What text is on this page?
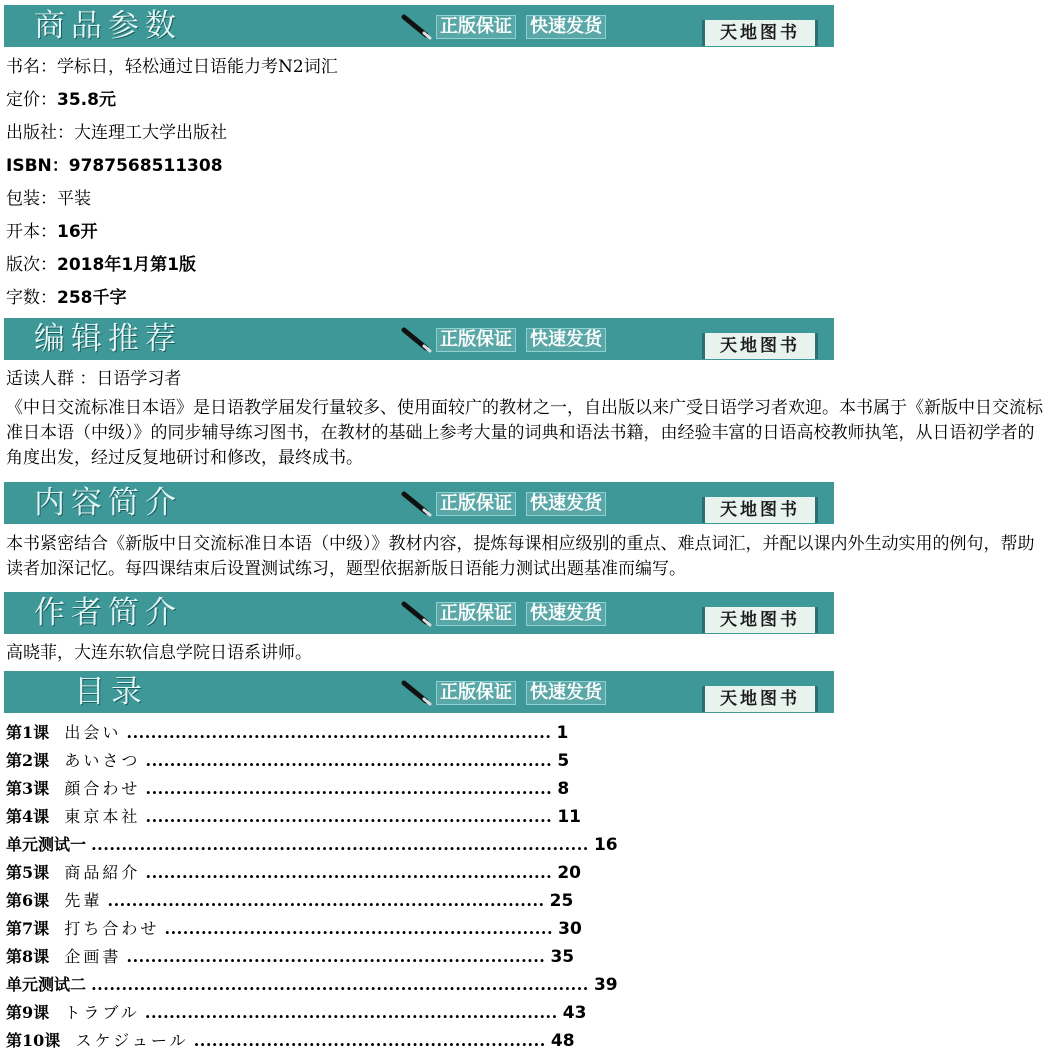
商品参数	正版保证 快速发货	天地图书
编辑推荐	正版保证 快速发货	天地图书
内容简介	正版保证 快速发货	天地图书
作者简介	正版保证 快速发货	天地图书
目录	正版保证 快速发货	天地图书
书名：学标日，轻松通过日语能力考N2词汇
定价：35.8元
出版社：大连理工大学出版社
ISBN：9787568511308
包装：平装
开本：16开
版次：2018年1月第1版
字数：258千字
适读人群 ：日语学习者
《中日交流标准日本语》是日语教学届发行量较多、使用面较广的教材之一，自出版以来广受日语学习者欢迎。本书属于《新版中日交流标准日本语（中级）》的同步辅导练习图书，在教材的基础上参考大量的词典和语法书籍，由经验丰富的日语高校教师执笔，从日语初学者的角度出发，经过反复地研讨和修改，最终成书。
本书紧密结合《新版中日交流标准日本语（中级）》教材内容，提炼每课相应级别的重点、难点词汇，并配以课内外生动实用的例句，帮助读者加深记忆。每四课结束后设置测试练习，题型依据新版日语能力测试出题基准而编写。
高晓菲，大连东软信息学院日语系讲师。
第1课 出会い ...................................................................... 1
第2课 あいさつ ................................................................... 5
第3课 顔合わせ ................................................................... 8
第4课 東京本社 ................................................................... 11
单元测试一 .................................................................................. 16
第5课 商品紹介 ................................................................... 20
第6课 先輩 ........................................................................ 25
第7课 打ち合わせ ................................................................ 30
第8课 企画書 ..................................................................... 35
单元测试二 .................................................................................. 39
第9课 トラブル .................................................................... 43
第10课 スケジュール .......................................................... 48
